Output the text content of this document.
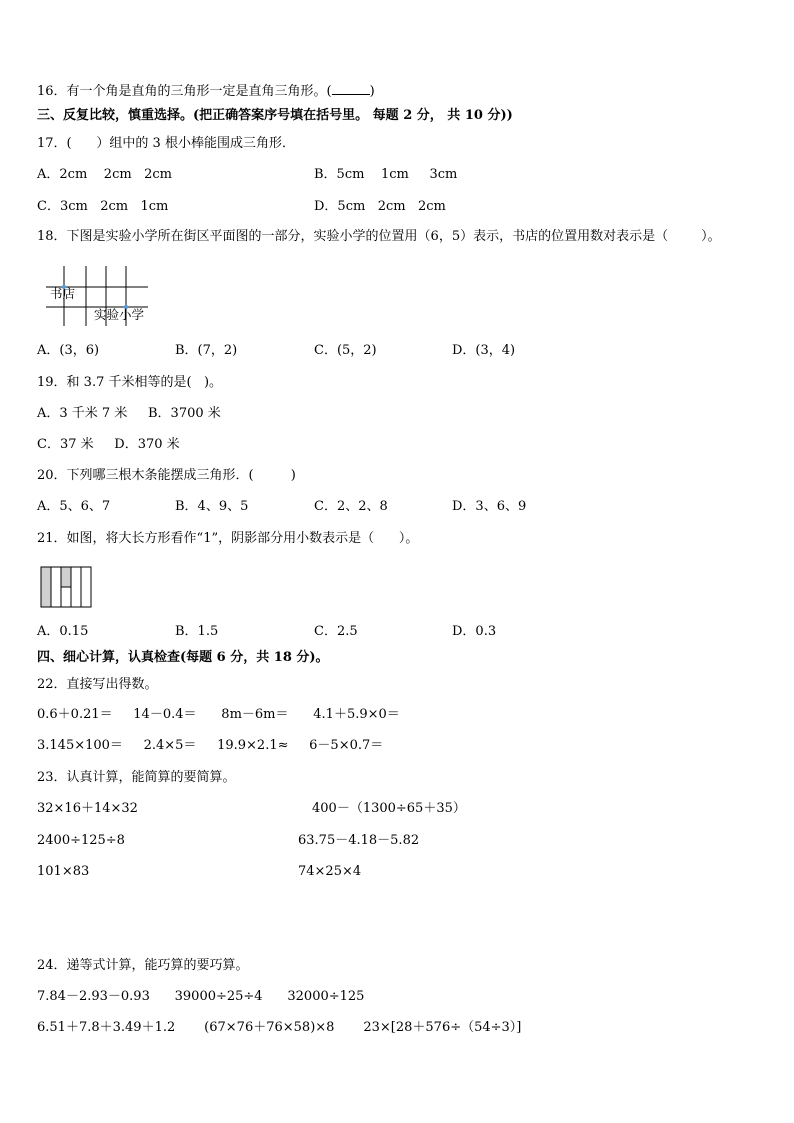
16．有一个角是直角的三角形一定是直角三角形。(	)
三、反复比较，慎重选择。(把正确答案序号填在括号里。 每题 2 分， 共 10 分))
17．(      ）组中的 3 根小棒能围成三角形．
A．2cm    2cm   2cm	B．5cm    1cm     3cm
C．3cm   2cm   1cm	D．5cm   2cm   2cm
18．下图是实验小学所在街区平面图的一部分，实验小学的位置用（6，5）表示，书店的位置用数对表示是（        ）。
书店
实验小学
A．(3，6)	B．(7，2)	C．(5，2)	D．(3，4)
19．和 3.7 千米相等的是(   )。
A．3 千米 7 米     B．3700 米
C．37 米     D．370 米
20．下列哪三根木条能摆成三角形．(         )
A．5、6、7	B．4、9、5	C．2、2、8	D．3、6、9
21．如图，将大长方形看作“1”，阴影部分用小数表示是（      ）。
A．0.15	B．1.5	C．2.5	D．0.3
四、细心计算，认真检查(每题 6 分，共 18 分)。
22．直接写出得数。
0.6＋0.21＝     14－0.4＝      8m－6m＝      4.1＋5.9×0＝
3.145×100＝     2.4×5＝     19.9×2.1≈     6－5×0.7＝
23．认真计算，能简算的要简算。
32×16＋14×32	400－（1300÷65＋35）
2400÷125÷8	63.75－4.18－5.82
101×83	74×25×4
24．递等式计算，能巧算的要巧算。
7.84－2.93－0.93      39000÷25÷4      32000÷125
6.51＋7.8＋3.49＋1.2       (67×76＋76×58)×8       23×[28＋576÷（54÷3）]
